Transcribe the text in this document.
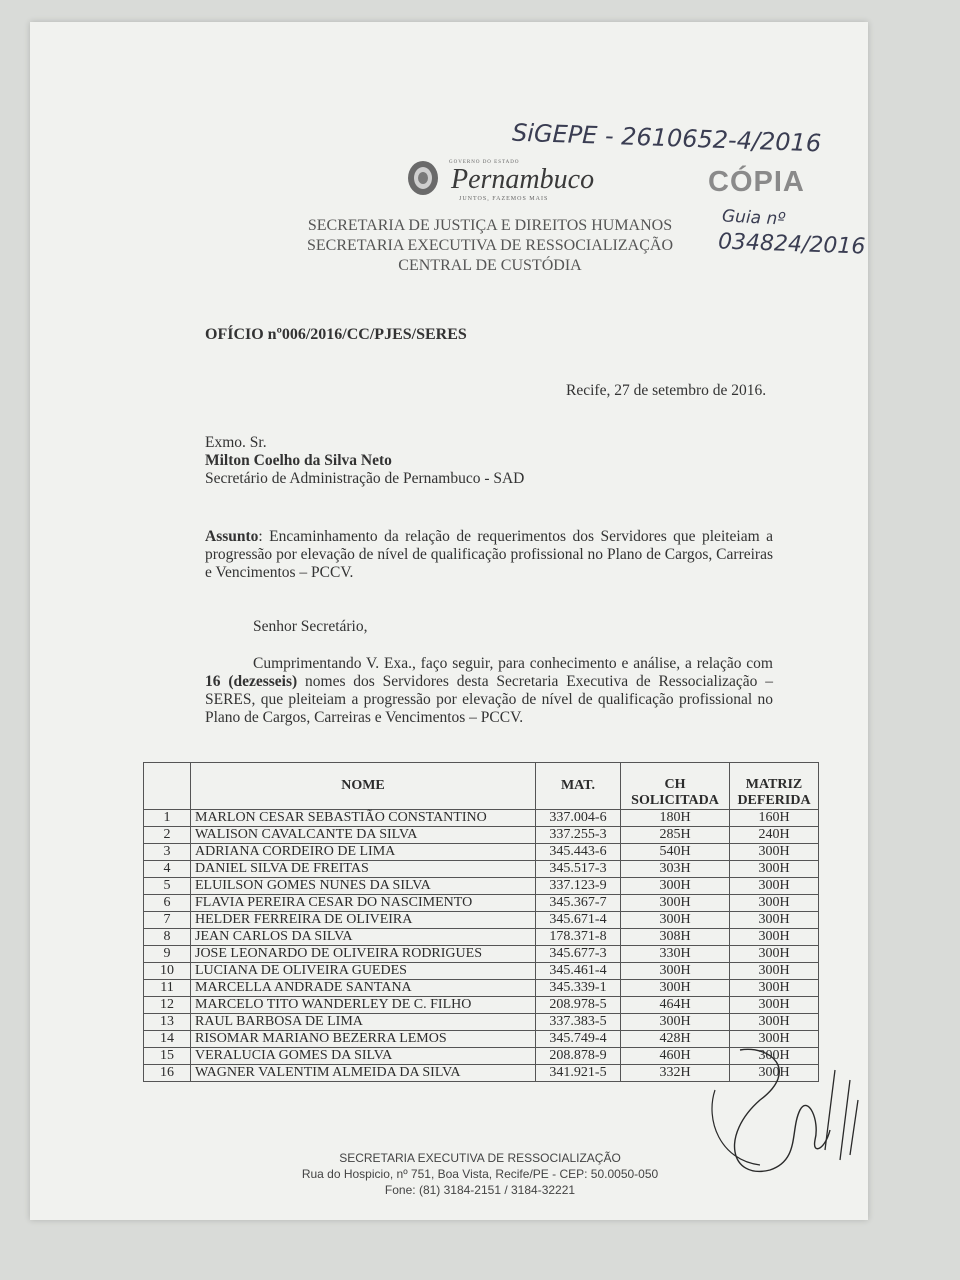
SiGEPE - 2610652-4/2016
GOVERNO DO ESTADO
Pernambuco
JUNTOS, FAZEMOS MAIS
CÓPIA
Guia nº
034824/2016
SECRETARIA DE JUSTIÇA E DIREITOS HUMANOS
SECRETARIA EXECUTIVA DE RESSOCIALIZAÇÃO
CENTRAL DE CUSTÓDIA
OFÍCIO nº006/2016/CC/PJES/SERES
Recife, 27 de setembro de 2016.
Exmo. Sr.
Milton Coelho da Silva Neto
Secretário de Administração de Pernambuco - SAD
Assunto: Encaminhamento da relação de requerimentos dos Servidores que pleiteiam a progressão por elevação de nível de qualificação profissional no Plano de Cargos, Carreiras e Vencimentos – PCCV.
Senhor Secretário,
Cumprimentando V. Exa., faço seguir, para conhecimento e análise, a relação com 16 (dezesseis) nomes dos Servidores desta Secretaria Executiva de Ressocialização – SERES, que pleiteiam a progressão por elevação de nível de qualificação profissional no Plano de Cargos, Carreiras e Vencimentos – PCCV.
	NOME	MAT.	CH SOLICITADA	MATRIZ DEFERIDA
1	MARLON CESAR SEBASTIÃO CONSTANTINO	337.004-6	180H	160H
2	WALISON CAVALCANTE DA SILVA	337.255-3	285H	240H
3	ADRIANA CORDEIRO DE LIMA	345.443-6	540H	300H
4	DANIEL SILVA DE FREITAS	345.517-3	303H	300H
5	ELUILSON GOMES NUNES DA SILVA	337.123-9	300H	300H
6	FLAVIA PEREIRA CESAR DO NASCIMENTO	345.367-7	300H	300H
7	HELDER FERREIRA DE OLIVEIRA	345.671-4	300H	300H
8	JEAN CARLOS DA SILVA	178.371-8	308H	300H
9	JOSE LEONARDO DE OLIVEIRA RODRIGUES	345.677-3	330H	300H
10	LUCIANA DE OLIVEIRA GUEDES	345.461-4	300H	300H
11	MARCELLA ANDRADE SANTANA	345.339-1	300H	300H
12	MARCELO TITO WANDERLEY DE C. FILHO	208.978-5	464H	300H
13	RAUL BARBOSA DE LIMA	337.383-5	300H	300H
14	RISOMAR MARIANO BEZERRA LEMOS	345.749-4	428H	300H
15	VERALUCIA GOMES DA SILVA	208.878-9	460H	300H
16	WAGNER VALENTIM ALMEIDA DA SILVA	341.921-5	332H	300H
SECRETARIA EXECUTIVA DE RESSOCIALIZAÇÃO
Rua do Hospicio, nº 751, Boa Vista, Recife/PE - CEP: 50.0050-050
Fone: (81) 3184-2151 / 3184-32221
